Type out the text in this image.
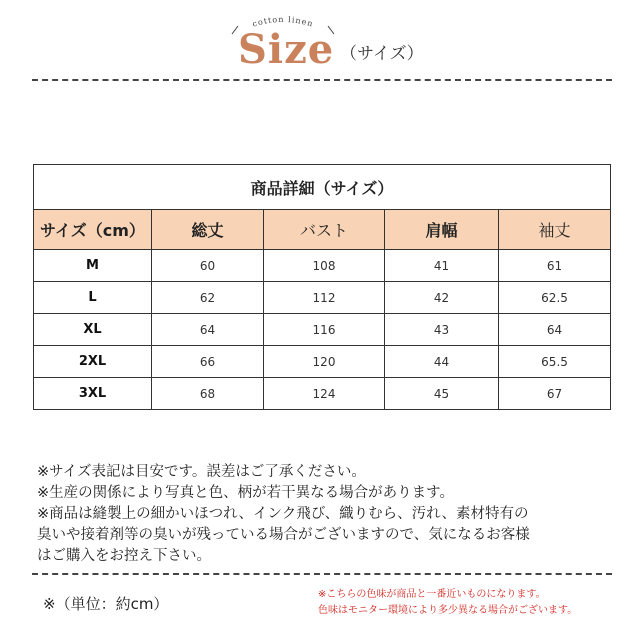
cotton linen
Size （サイズ）
商品詳細（サイズ）				
サイズ（cm）	総丈	バスト	肩幅	袖丈
M	60	108	41	61
L	62	112	42	62.5
XL	64	116	43	64
2XL	66	120	44	65.5
3XL	68	124	45	67

※サイズ表記は目安です。誤差はご了承ください。

※生産の関係により写真と色、柄が若干異なる場合があります。

※商品は縫製上の細かいほつれ、インク飛び、織りむら、汚れ、素材特有の

臭いや接着剤等の臭いが残っている場合がございますので、気になるお客様

はご購入をお控え下さい。

※（単位：約cm）

※こちらの色味が商品と一番近いものになります。

色味はモニター環境により多少異なる場合がございます。
